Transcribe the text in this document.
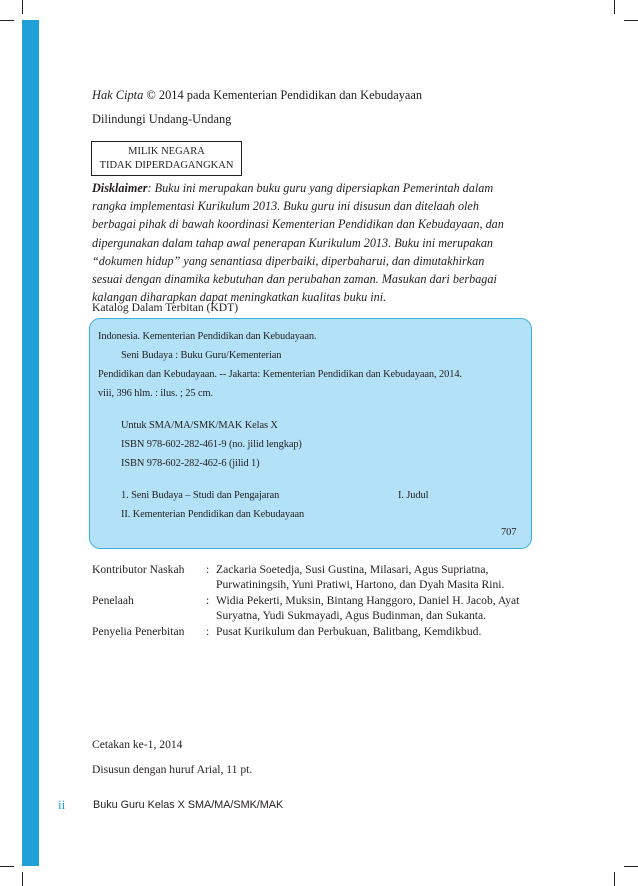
Hak Cipta © 2014 pada Kementerian Pendidikan dan Kebudayaan
Dilindungi Undang-Undang
MILIK NEGARA
TIDAK DIPERDAGANGKAN
Disklaimer: Buku ini merupakan buku guru yang dipersiapkan Pemerintah dalam
rangka implementasi Kurikulum 2013. Buku guru ini disusun dan ditelaah oleh
berbagai pihak di bawah koordinasi Kementerian Pendidikan dan Kebudayaan, dan
dipergunakan dalam tahap awal penerapan Kurikulum 2013. Buku ini merupakan
“dokumen hidup” yang senantiasa diperbaiki, diperbaharui, dan dimutakhirkan
sesuai dengan dinamika kebutuhan dan perubahan zaman. Masukan dari berbagai
kalangan diharapkan dapat meningkatkan kualitas buku ini.
Katalog Dalam Terbitan (KDT)
Indonesia. Kementerian Pendidikan dan Kebudayaan.
Seni Budaya : Buku Guru/Kementerian
Pendidikan dan Kebudayaan. -- Jakarta: Kementerian Pendidikan dan Kebudayaan, 2014.
viii, 396 hlm. : ilus. ; 25 cm.
Untuk SMA/MA/SMK/MAK Kelas X
ISBN 978-602-282-461-9 (no. jilid lengkap)
ISBN 978-602-282-462-6 (jilid 1)
1. Seni Budaya – Studi dan Pengajaran	I. Judul
II. Kementerian Pendidikan dan Kebudayaan
707
Kontributor Naskah : Zackaria Soetedja, Susi Gustina, Milasari, Agus Supriatna,
Purwatiningsih, Yuni Pratiwi, Hartono, dan Dyah Masita Rini.
Penelaah	: Widia Pekerti, Muksin, Bintang Hanggoro, Daniel H. Jacob, Ayat
Suryatna, Yudi Sukmayadi, Agus Budinman, dan Sukanta.
Penyelia Penerbitan : Pusat Kurikulum dan Perbukuan, Balitbang, Kemdikbud.
Cetakan ke-1, 2014
Disusun dengan huruf Arial, 11 pt.
ii	Buku Guru Kelas X SMA/MA/SMK/MAK
